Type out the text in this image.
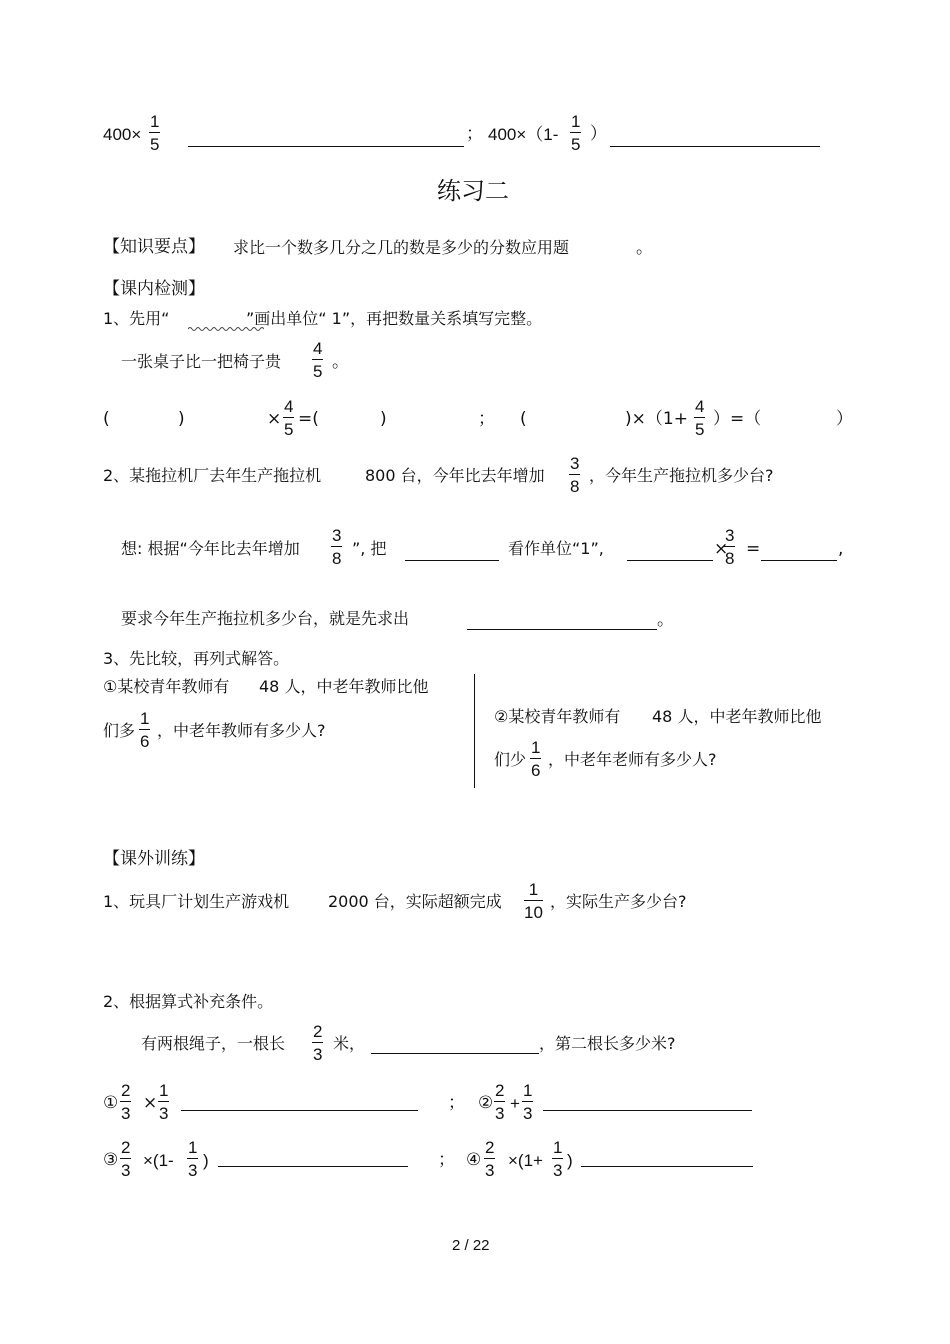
400×
1
5
； 400×（1-
1
5
）
练习二
【知识要点】 求比一个数多几分之几的数是多少的分数应用题	。
【课内检测】
1、先用“	”画出单位“ 1”，再把数量关系填写完整。
一张桌子比一把椅子贵
4
5 。
(	)	×
4
5
=(	)	； (	)×（1+
4
5
）=（	）
2、某拖拉机厂去年生产拖拉机	800 台，今年比去年增加
3
8
，今年生产拖拉机多少台?
想: 根据“今年比去年增加
3
8
”, 把	看作单位“1”,	×
3
8 =	,
要求今年生产拖拉机多少台，就是先求出	。
3、先比较，再列式解答。
①某校青年教师有 48 人，中老年教师比他
们多
1
6
，中老年教师有多少人?
②某校青年教师有 48 人，中老年教师比他
们少
1
6
，中老年老师有多少人?
【课外训练】
1、玩具厂计划生产游戏机 2000 台，实际超额完成
1
10
，实际生产多少台?
2、根据算式补充条件。
有两根绳子，一根长
2
3
米，	，第二根长多少米?
①
2
3
×
1
3
； ②
2
3
+
1
3
③
2
3
×(1-
1
3
)	； ④
2
3
×(1+
1
3
)
2 / 22
